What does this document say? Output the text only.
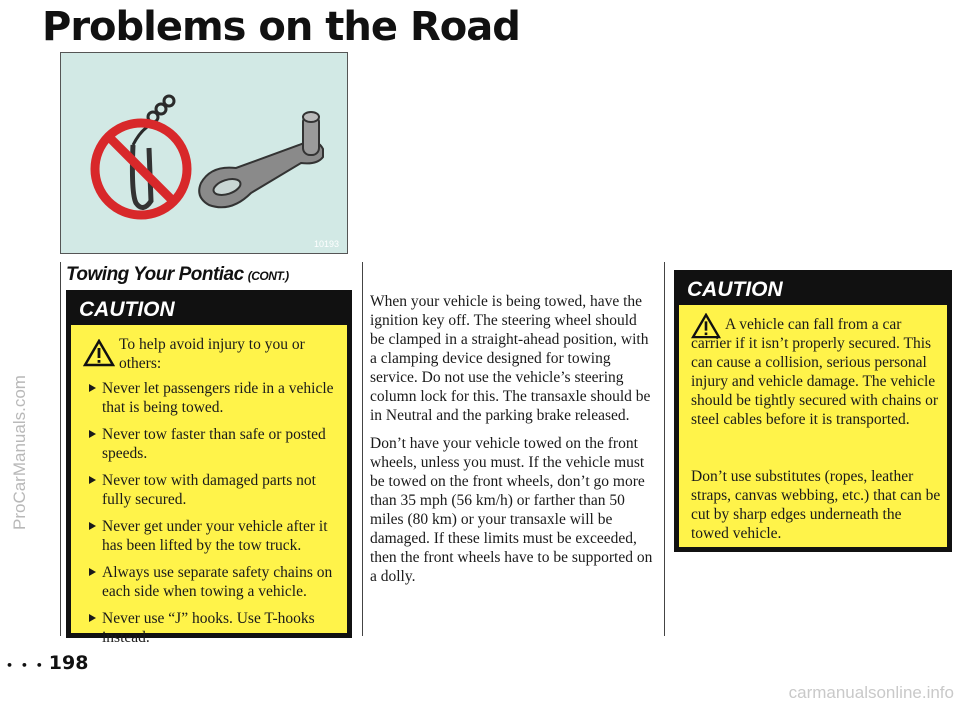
Problems on the Road
ProCarManuals.com
carmanualsonline.info
10193
Towing Your Pontiac (CONT.)
CAUTION
To help avoid injury to you or others:
Never let passengers ride in a vehicle that is being towed.
Never tow faster than safe or posted speeds.
Never tow with damaged parts not fully secured.
Never get under your vehicle after it has been lifted by the tow truck.
Always use separate safety chains on each side when towing a vehicle.
Never use “J” hooks. Use T-hooks instead.

When your vehicle is being towed, have the ignition key off. The steering wheel should be clamped in a straight-ahead position, with a clamping device designed for towing service. Do not use the vehicle’s steering column lock for this. The transaxle should be in Neutral and the parking brake released.

Don’t have your vehicle towed on the front wheels, unless you must. If the vehicle must be towed on the front wheels, don’t go more than 35 mph (56 km/h) or farther than 50 miles (80 km) or your transaxle will be damaged. If these limits must be exceeded, then the front wheels have to be supported on a dolly.

CAUTION

A vehicle can fall from a car carrier if it isn’t properly secured. This can cause a collision, serious personal injury and vehicle damage. The vehicle should be tightly secured with chains or steel cables before it is transported.

Don’t use substitutes (ropes, leather straps, canvas webbing, etc.) that can be cut by sharp edges underneath the towed vehicle.

• • • 198
